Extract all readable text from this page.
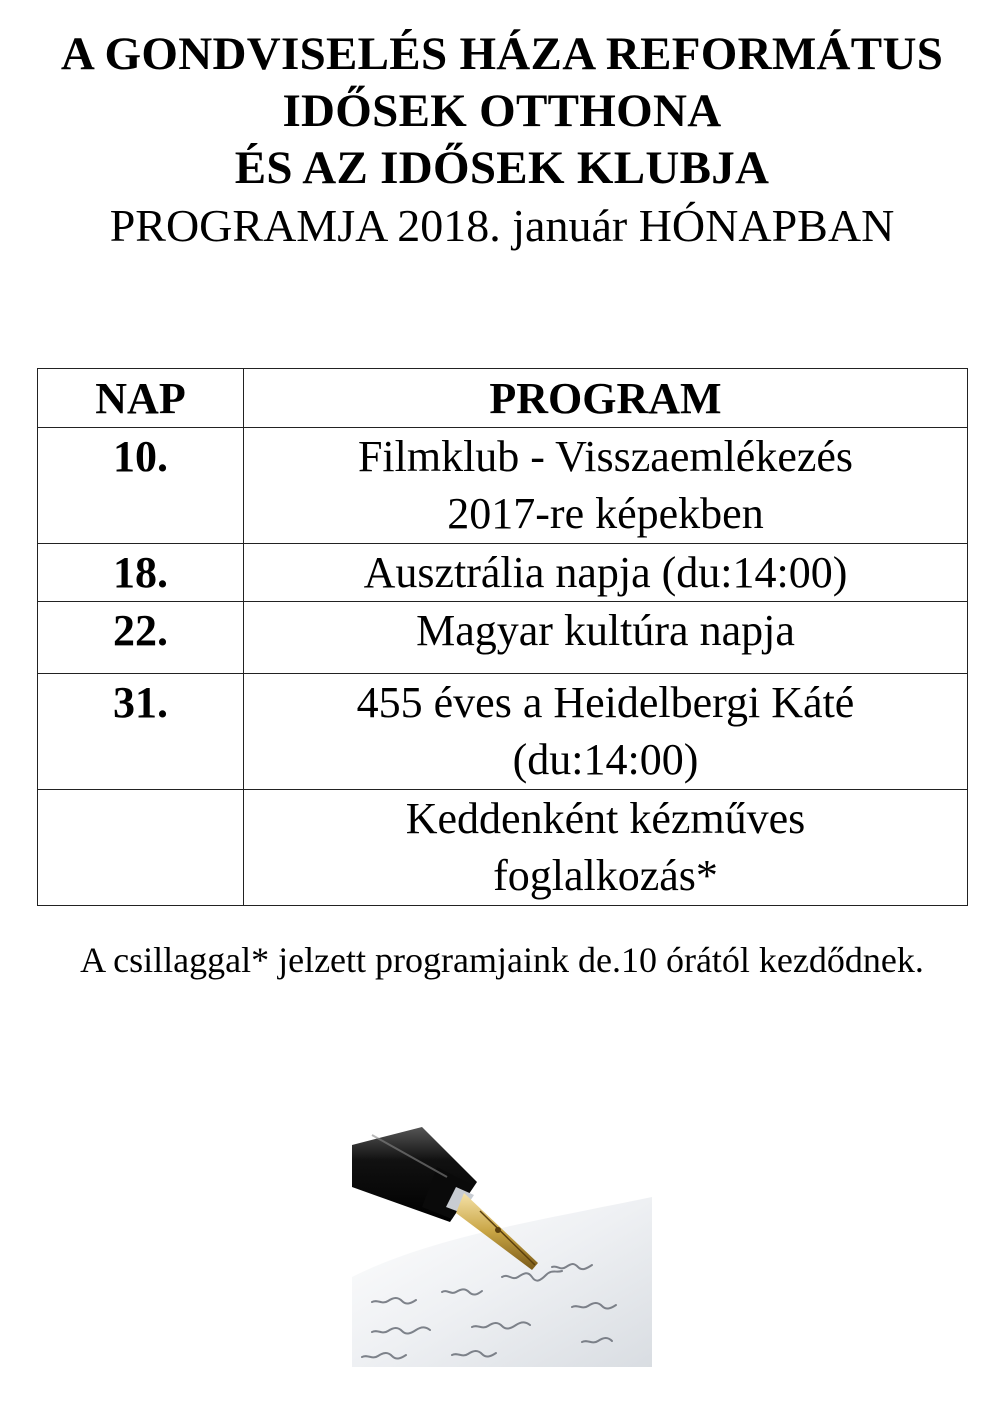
A GONDVISELÉS HÁZA REFORMÁTUS
IDŐSEK OTTHONA
ÉS AZ IDŐSEK KLUBJA
PROGRAMJA 2018. január HÓNAPBAN
NAP	PROGRAM
10.	Filmklub - Visszaemlékezés
2017-re képekben

18.	Ausztrália napja (du:14:00)

22.	Magyar kultúra napja

31.	455 éves a Heidelbergi Káté
(du:14:00)

	Keddenként kézműves
foglalkozás*
A csillaggal* jelzett programjaink de.10 órától kezdődnek.
